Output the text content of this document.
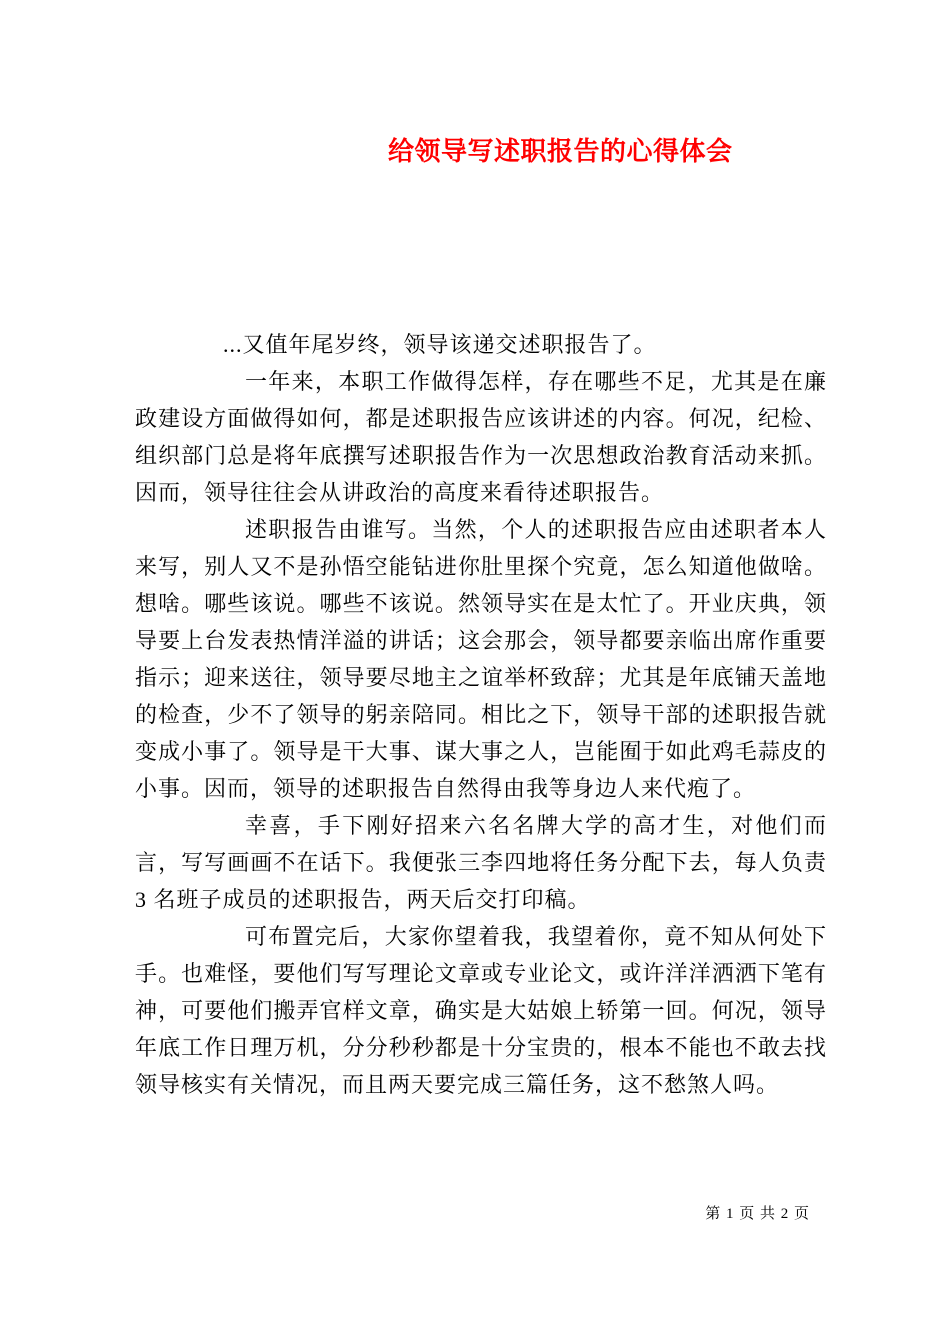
给领导写述职报告的心得体会

...又值年尾岁终，领导该递交述职报告了。

一年来，本职工作做得怎样，存在哪些不足，尤其是在廉政建设方面做得如何，都是述职报告应该讲述的内容。何况，纪检、组织部门总是将年底撰写述职报告作为一次思想政治教育活动来抓。因而，领导往往会从讲政治的高度来看待述职报告。

述职报告由谁写。当然，个人的述职报告应由述职者本人来写，别人又不是孙悟空能钻进你肚里探个究竟，怎么知道他做啥。想啥。哪些该说。哪些不该说。然领导实在是太忙了。开业庆典，领导要上台发表热情洋溢的讲话；这会那会，领导都要亲临出席作重要指示；迎来送往，领导要尽地主之谊举杯致辞；尤其是年底铺天盖地的检查，少不了领导的躬亲陪同。相比之下，领导干部的述职报告就变成小事了。领导是干大事、谋大事之人，岂能囿于如此鸡毛蒜皮的小事。因而，领导的述职报告自然得由我等身边人来代疱了。

幸喜，手下刚好招来六名名牌大学的高才生，对他们而言，写写画画不在话下。我便张三李四地将任务分配下去，每人负责 3 名班子成员的述职报告，两天后交打印稿。

可布置完后，大家你望着我，我望着你，竟不知从何处下手。也难怪，要他们写写理论文章或专业论文，或许洋洋洒洒下笔有神，可要他们搬弄官样文章，确实是大姑娘上轿第一回。何况，领导年底工作日理万机，分分秒秒都是十分宝贵的，根本不能也不敢去找领导核实有关情况，而且两天要完成三篇任务，这不愁煞人吗。

第 1 页 共 2 页
